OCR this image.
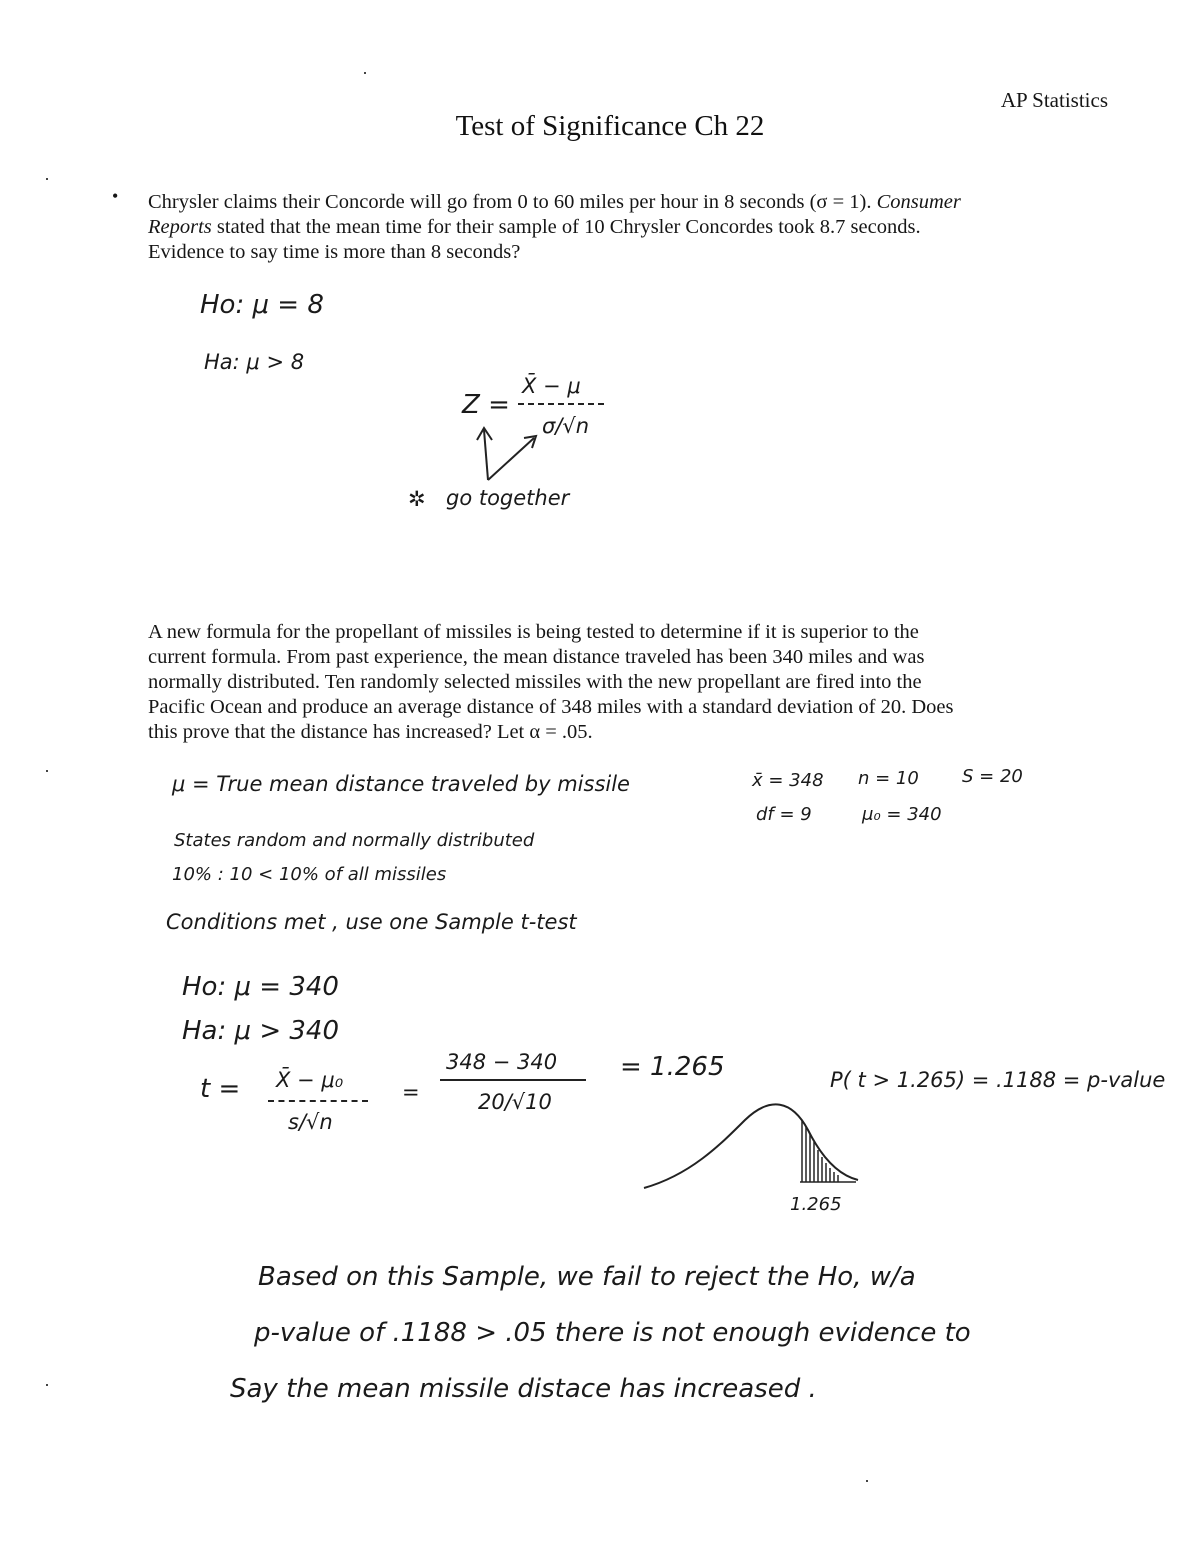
AP Statistics
Test of Significance Ch 22
• Chrysler claims their Concorde will go from 0 to 60 miles per hour in 8 seconds (σ = 1). Consumer
Reports stated that the mean time for their sample of 10 Chrysler Concordes took 8.7 seconds.
Evidence to say time is more than 8 seconds?
Ho: μ = 8
Ha: μ > 8
Z =
X̄ − μ
σ/√n
✲ go together
A new formula for the propellant of missiles is being tested to determine if it is superior to the
current formula. From past experience, the mean distance traveled has been 340 miles and was
normally distributed. Ten randomly selected missiles with the new propellant are fired into the
Pacific Ocean and produce an average distance of 348 miles with a standard deviation of 20. Does
this prove that the distance has increased? Let α = .05.
μ = True mean distance traveled by missile	x̄ = 348 n = 10 S = 20
df = 9	μ₀ = 340
States random and normally distributed
10% : 10 < 10% of all missiles
Conditions met , use one Sample t-test
Ho: μ = 340
Ha: μ > 340
t = X̄ − μ₀
s/√n
=
348 − 340
20/√10
= 1.265	P( t > 1.265) = .1188 = p-value
1.265
Based on this Sample, we fail to reject the Ho, w/a
p-value of .1188 > .05 there is not enough evidence to
Say the mean missile distace has increased .
